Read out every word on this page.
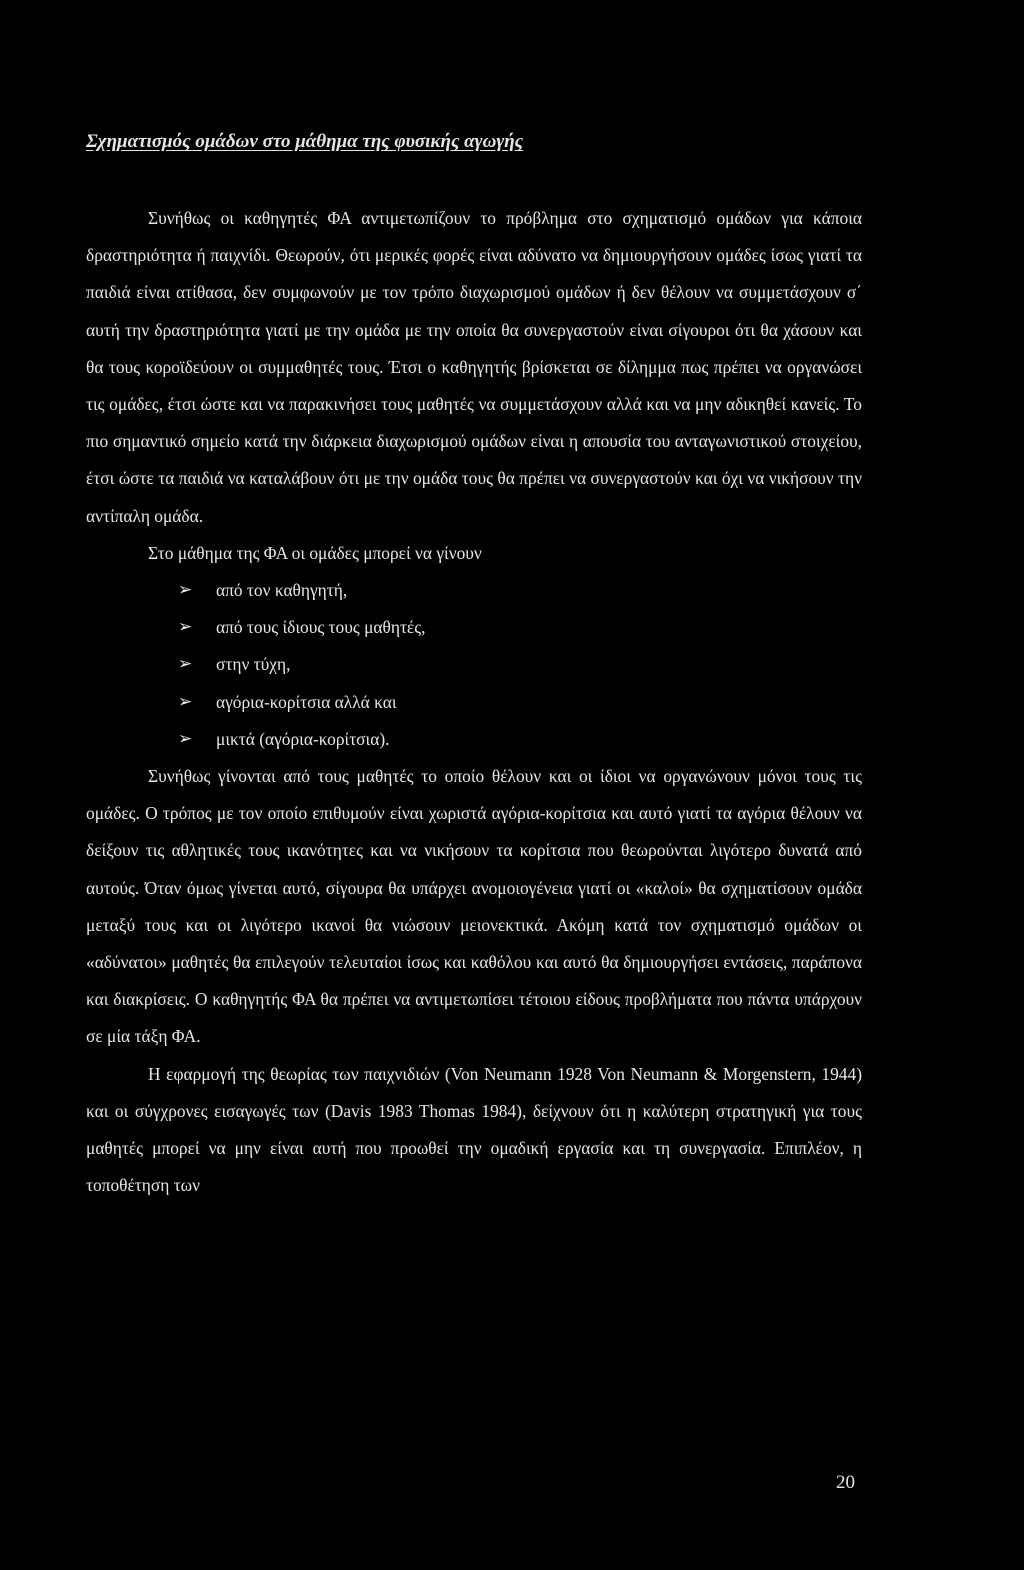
Σχηματισμός ομάδων στο μάθημα της φυσικής αγωγής

Συνήθως οι καθηγητές ΦΑ αντιμετωπίζουν το πρόβλημα στο σχηματισμό ομάδων για κάποια δραστηριότητα ή παιχνίδι. Θεωρούν, ότι μερικές φορές είναι αδύνατο να δημιουργήσουν ομάδες ίσως γιατί τα παιδιά είναι ατίθασα, δεν συμφωνούν με τον τρόπο διαχωρισμού ομάδων ή δεν θέλουν να συμμετάσχουν σ΄ αυτή την δραστηριότητα γιατί με την ομάδα με την οποία θα συνεργαστούν είναι σίγουροι ότι θα χάσουν και θα τους κοροϊδεύουν οι συμμαθητές τους. Έτσι ο καθηγητής βρίσκεται σε δίλημμα πως πρέπει να οργανώσει τις ομάδες, έτσι ώστε και να παρακινήσει τους μαθητές να συμμετάσχουν αλλά και να μην αδικηθεί κανείς. Το πιο σημαντικό σημείο κατά την διάρκεια διαχωρισμού ομάδων είναι η απουσία του ανταγωνιστικού στοιχείου, έτσι ώστε τα παιδιά να καταλάβουν ότι με την ομάδα τους θα πρέπει να συνεργαστούν και όχι να νικήσουν την αντίπαλη ομάδα.

Στο μάθημα της ΦΑ οι ομάδες μπορεί να γίνουν
➢ από τον καθηγητή,
➢ από τους ίδιους τους μαθητές,
➢ στην τύχη,
➢ αγόρια-κορίτσια αλλά και
➢ μικτά (αγόρια-κορίτσια).

Συνήθως γίνονται από τους μαθητές το οποίο θέλουν και οι ίδιοι να οργανώνουν μόνοι τους τις ομάδες. Ο τρόπος με τον οποίο επιθυμούν είναι χωριστά αγόρια-κορίτσια και αυτό γιατί τα αγόρια θέλουν να δείξουν τις αθλητικές τους ικανότητες και να νικήσουν τα κορίτσια που θεωρούνται λιγότερο δυνατά από αυτούς. Όταν όμως γίνεται αυτό, σίγουρα θα υπάρχει ανομοιογένεια γιατί οι «καλοί» θα σχηματίσουν ομάδα μεταξύ τους και οι λιγότερο ικανοί θα νιώσουν μειονεκτικά. Ακόμη κατά τον σχηματισμό ομάδων οι «αδύνατοι» μαθητές θα επιλεγούν τελευταίοι ίσως και καθόλου και αυτό θα δημιουργήσει εντάσεις, παράπονα και διακρίσεις. Ο καθηγητής ΦΑ θα πρέπει να αντιμετωπίσει τέτοιου είδους προβλήματα που πάντα υπάρχουν σε μία τάξη ΦΑ.

Η εφαρμογή της θεωρίας των παιχνιδιών (Von Neumann 1928 Von Neumann & Morgenstern, 1944) και οι σύγχρονες εισαγωγές των (Davis 1983 Thomas 1984), δείχνουν ότι η καλύτερη στρατηγική για τους μαθητές μπορεί να μην είναι αυτή που προωθεί την ομαδική εργασία και τη συνεργασία. Επιπλέον, η τοποθέτηση των

20
